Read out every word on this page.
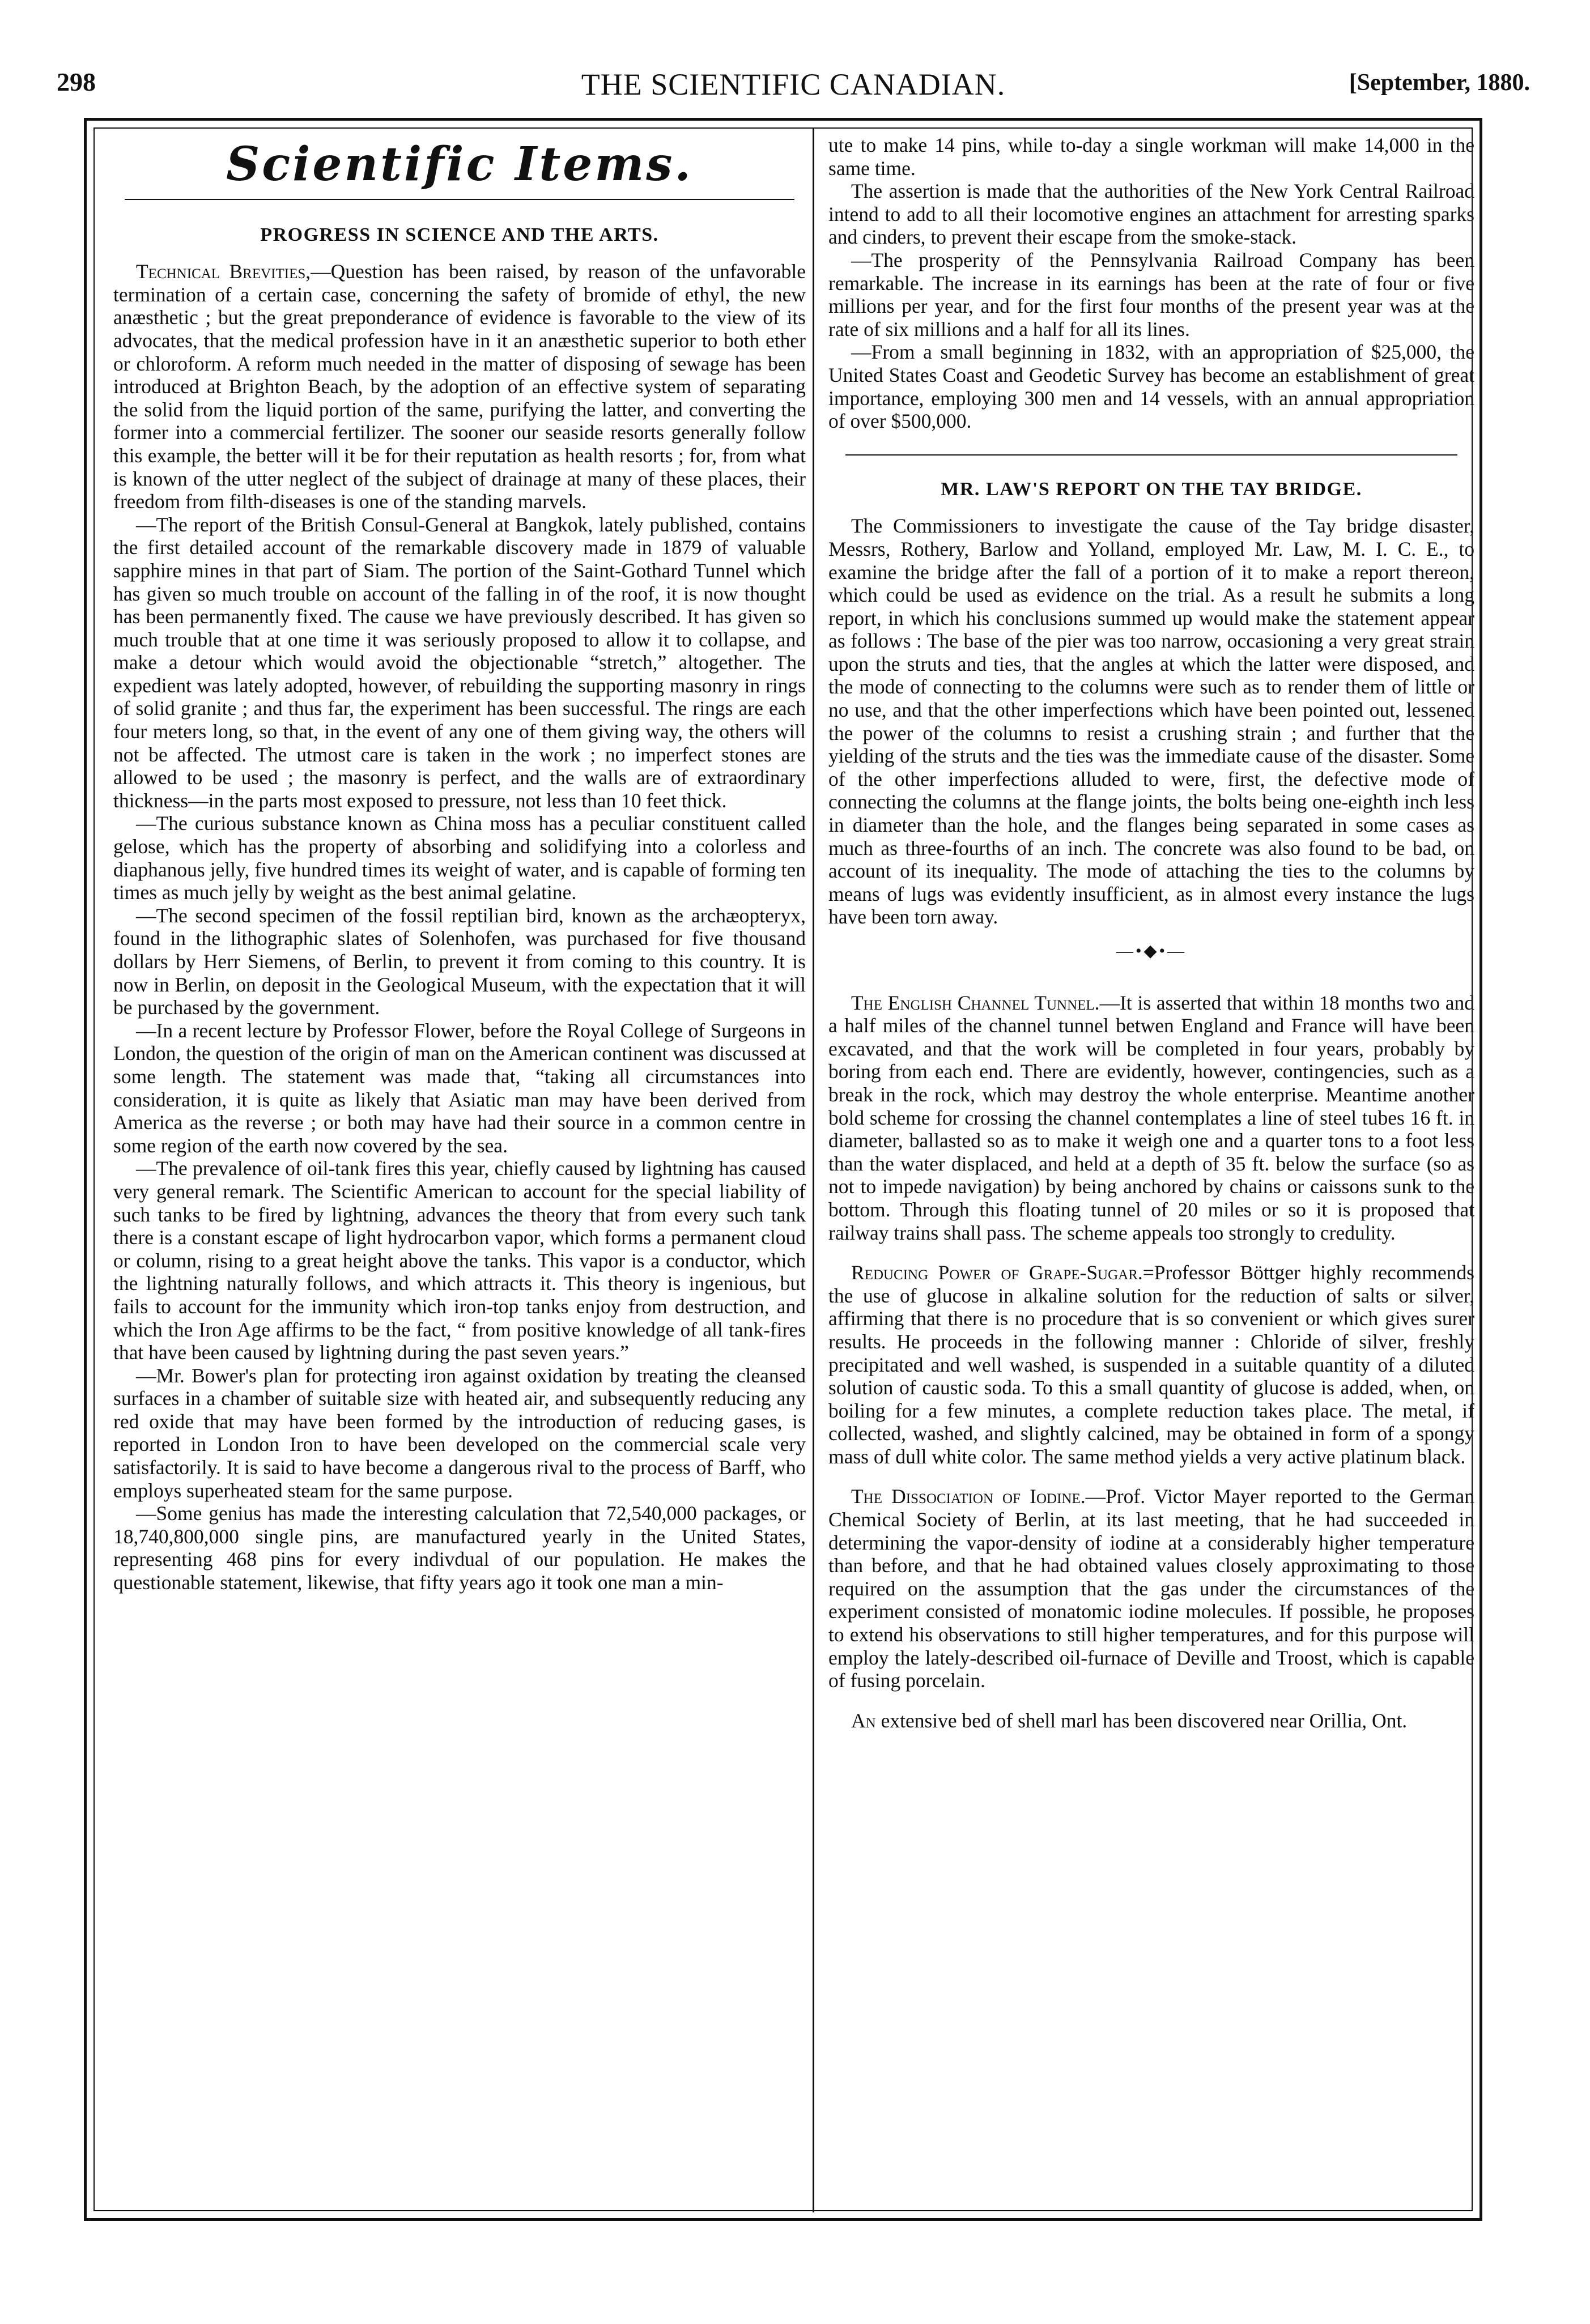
298	THE SCIENTIFIC CANADIAN.	[September, 1880.
Scientific Items.
PROGRESS IN SCIENCE AND THE ARTS.

Technical Brevities,—Question has been raised, by reason of the unfavorable termination of a certain case, concerning the safety of bromide of ethyl, the new anæsthetic ; but the great preponderance of evidence is favorable to the view of its advocates, that the medical profession have in it an anæsthetic superior to both ether or chloroform. A reform much needed in the matter of disposing of sewage has been introduced at Brighton Beach, by the adoption of an effective system of separating the solid from the liquid portion of the same, purifying the latter, and converting the former into a commercial fertilizer. The sooner our seaside resorts generally follow this example, the better will it be for their reputation as health resorts ; for, from what is known of the utter neglect of the subject of drainage at many of these places, their freedom from filth-diseases is one of the standing marvels.

—The report of the British Consul-General at Bangkok, lately published, contains the first detailed account of the remarkable discovery made in 1879 of valuable sapphire mines in that part of Siam. The portion of the Saint-Gothard Tunnel which has given so much trouble on account of the falling in of the roof, it is now thought has been permanently fixed. The cause we have previously described. It has given so much trouble that at one time it was seriously proposed to allow it to collapse, and make a detour which would avoid the objectionable “stretch,” altogether. The expedient was lately adopted, however, of rebuilding the supporting masonry in rings of solid granite ; and thus far, the experiment has been successful. The rings are each four meters long, so that, in the event of any one of them giving way, the others will not be affected. The utmost care is taken in the work ; no imperfect stones are allowed to be used ; the masonry is perfect, and the walls are of extraordinary thickness—in the parts most exposed to pressure, not less than 10 feet thick.

—The curious substance known as China moss has a peculiar constituent called gelose, which has the property of absorbing and solidifying into a colorless and diaphanous jelly, five hundred times its weight of water, and is capable of forming ten times as much jelly by weight as the best animal gelatine.

—The second specimen of the fossil reptilian bird, known as the archæopteryx, found in the lithographic slates of Solenhofen, was purchased for five thousand dollars by Herr Siemens, of Berlin, to prevent it from coming to this country. It is now in Berlin, on deposit in the Geological Museum, with the expectation that it will be purchased by the government.

—In a recent lecture by Professor Flower, before the Royal College of Surgeons in London, the question of the origin of man on the American continent was discussed at some length. The statement was made that, “taking all circumstances into consideration, it is quite as likely that Asiatic man may have been derived from America as the reverse ; or both may have had their source in a common centre in some region of the earth now covered by the sea.

—The prevalence of oil-tank fires this year, chiefly caused by lightning has caused very general remark. The Scientific American to account for the special liability of such tanks to be fired by lightning, advances the theory that from every such tank there is a constant escape of light hydrocarbon vapor, which forms a permanent cloud or column, rising to a great height above the tanks. This vapor is a conductor, which the lightning naturally follows, and which attracts it. This theory is ingenious, but fails to account for the immunity which iron-top tanks enjoy from destruction, and which the Iron Age affirms to be the fact, “ from positive knowledge of all tank-fires that have been caused by lightning during the past seven years.”

—Mr. Bower's plan for protecting iron against oxidation by treating the cleansed surfaces in a chamber of suitable size with heated air, and subsequently reducing any red oxide that may have been formed by the introduction of reducing gases, is reported in London Iron to have been developed on the commercial scale very satisfactorily. It is said to have become a dangerous rival to the process of Barff, who employs superheated steam for the same purpose.

—Some genius has made the interesting calculation that 72,540,000 packages, or 18,740,800,000 single pins, are manufactured yearly in the United States, representing 468 pins for every indivdual of our population. He makes the questionable statement, likewise, that fifty years ago it took one man a min-

ute to make 14 pins, while to-day a single workman will make 14,000 in the same time.

The assertion is made that the authorities of the New York Central Railroad intend to add to all their locomotive engines an attachment for arresting sparks and cinders, to prevent their escape from the smoke-stack.

—The prosperity of the Pennsylvania Railroad Company has been remarkable. The increase in its earnings has been at the rate of four or five millions per year, and for the first four months of the present year was at the rate of six millions and a half for all its lines.

—From a small beginning in 1832, with an appropriation of $25,000, the United States Coast and Geodetic Survey has become an establishment of great importance, employing 300 men and 14 vessels, with an annual appropriation of over $500,000.

MR. LAW'S REPORT ON THE TAY BRIDGE.

The Commissioners to investigate the cause of the Tay bridge disaster, Messrs, Rothery, Barlow and Yolland, employed Mr. Law, M. I. C. E., to examine the bridge after the fall of a portion of it to make a report thereon, which could be used as evidence on the trial. As a result he submits a long report, in which his conclusions summed up would make the statement appear as follows : The base of the pier was too narrow, occasioning a very great strain upon the struts and ties, that the angles at which the latter were disposed, and the mode of connecting to the columns were such as to render them of little or no use, and that the other imperfections which have been pointed out, lessened the power of the columns to resist a crushing strain ; and further that the yielding of the struts and the ties was the immediate cause of the disaster. Some of the other imperfections alluded to were, first, the defective mode of connecting the columns at the flange joints, the bolts being one-eighth inch less in diameter than the hole, and the flanges being separated in some cases as much as three-fourths of an inch. The concrete was also found to be bad, on account of its inequality. The mode of attaching the ties to the columns by means of lugs was evidently insufficient, as in almost every instance the lugs have been torn away.

—•◆•—

The English Channel Tunnel.—It is asserted that within 18 months two and a half miles of the channel tunnel betwen England and France will have been excavated, and that the work will be completed in four years, probably by boring from each end. There are evidently, however, contingencies, such as a break in the rock, which may destroy the whole enterprise. Meantime another bold scheme for crossing the channel contemplates a line of steel tubes 16 ft. in diameter, ballasted so as to make it weigh one and a quarter tons to a foot less than the water displaced, and held at a depth of 35 ft. below the surface (so as not to impede navigation) by being anchored by chains or caissons sunk to the bottom. Through this floating tunnel of 20 miles or so it is proposed that railway trains shall pass. The scheme appeals too strongly to credulity.

Reducing Power of Grape-Sugar.=Professor Böttger highly recommends the use of glucose in alkaline solution for the reduction of salts or silver, affirming that there is no procedure that is so convenient or which gives surer results. He proceeds in the following manner : Chloride of silver, freshly precipitated and well washed, is suspended in a suitable quantity of a diluted solution of caustic soda. To this a small quantity of glucose is added, when, on boiling for a few minutes, a complete reduction takes place. The metal, if collected, washed, and slightly calcined, may be obtained in form of a spongy mass of dull white color. The same method yields a very active platinum black.

The Dissociation of Iodine.—Prof. Victor Mayer reported to the German Chemical Society of Berlin, at its last meeting, that he had succeeded in determining the vapor-density of iodine at a considerably higher temperature than before, and that he had obtained values closely approximating to those required on the assumption that the gas under the circumstances of the experiment consisted of monatomic iodine molecules. If possible, he proposes to extend his observations to still higher temperatures, and for this purpose will employ the lately-described oil-furnace of Deville and Troost, which is capable of fusing porcelain.

An extensive bed of shell marl has been discovered near Orillia, Ont.
